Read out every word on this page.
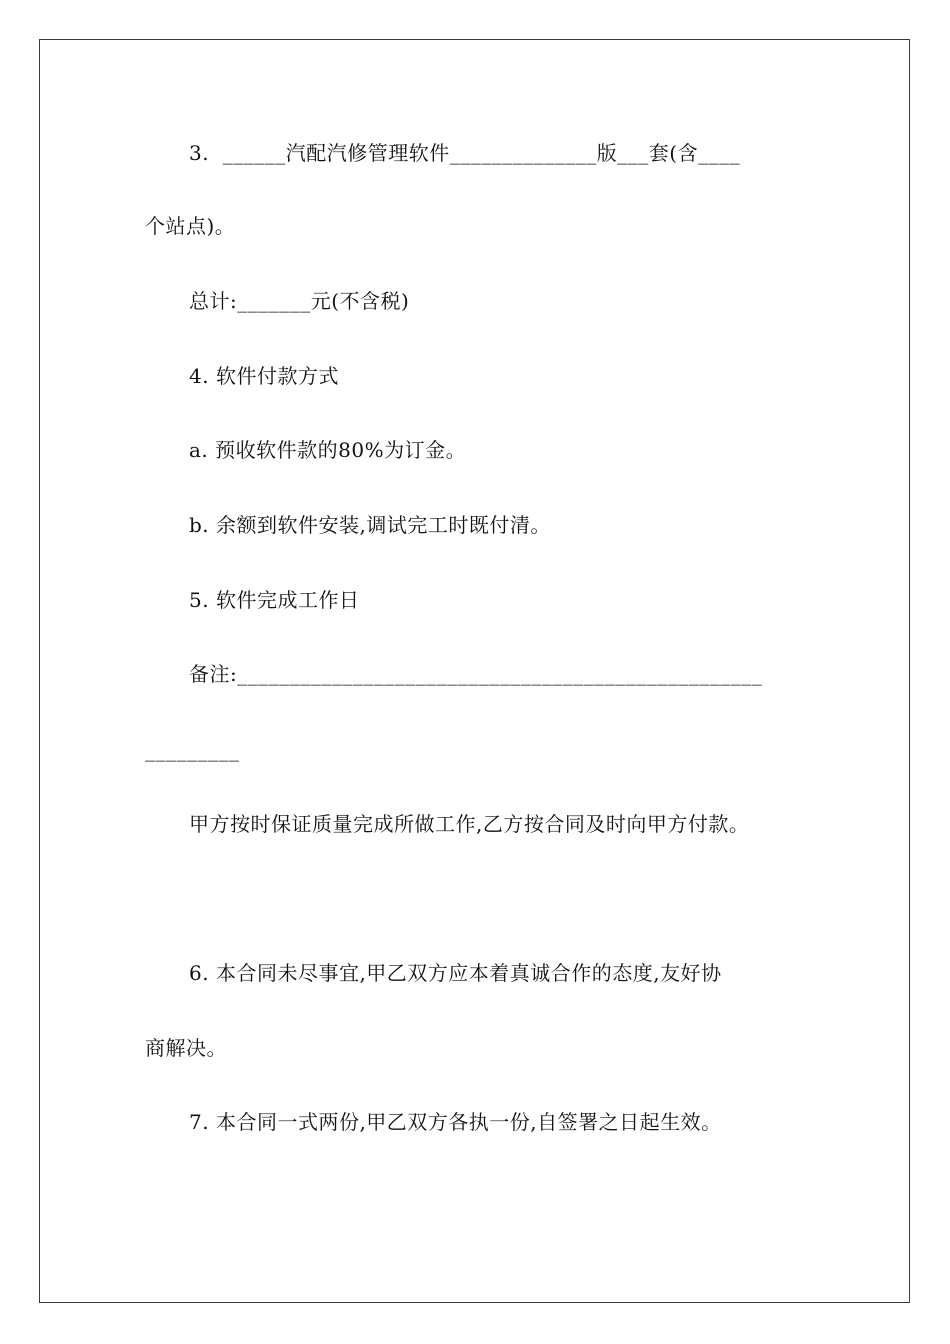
3.  ______汽配汽修管理软件______________版___套(含____
个站点)。
总计:_______元(不含税)
4. 软件付款方式
a. 预收软件款的80%为订金。
b. 余额到软件安装,调试完工时既付清。
5. 软件完成工作日
备注:__________________________________________________
_________
甲方按时保证质量完成所做工作,乙方按合同及时向甲方付款。
6. 本合同未尽事宜,甲乙双方应本着真诚合作的态度,友好协
商解决。
7. 本合同一式两份,甲乙双方各执一份,自签署之日起生效。
